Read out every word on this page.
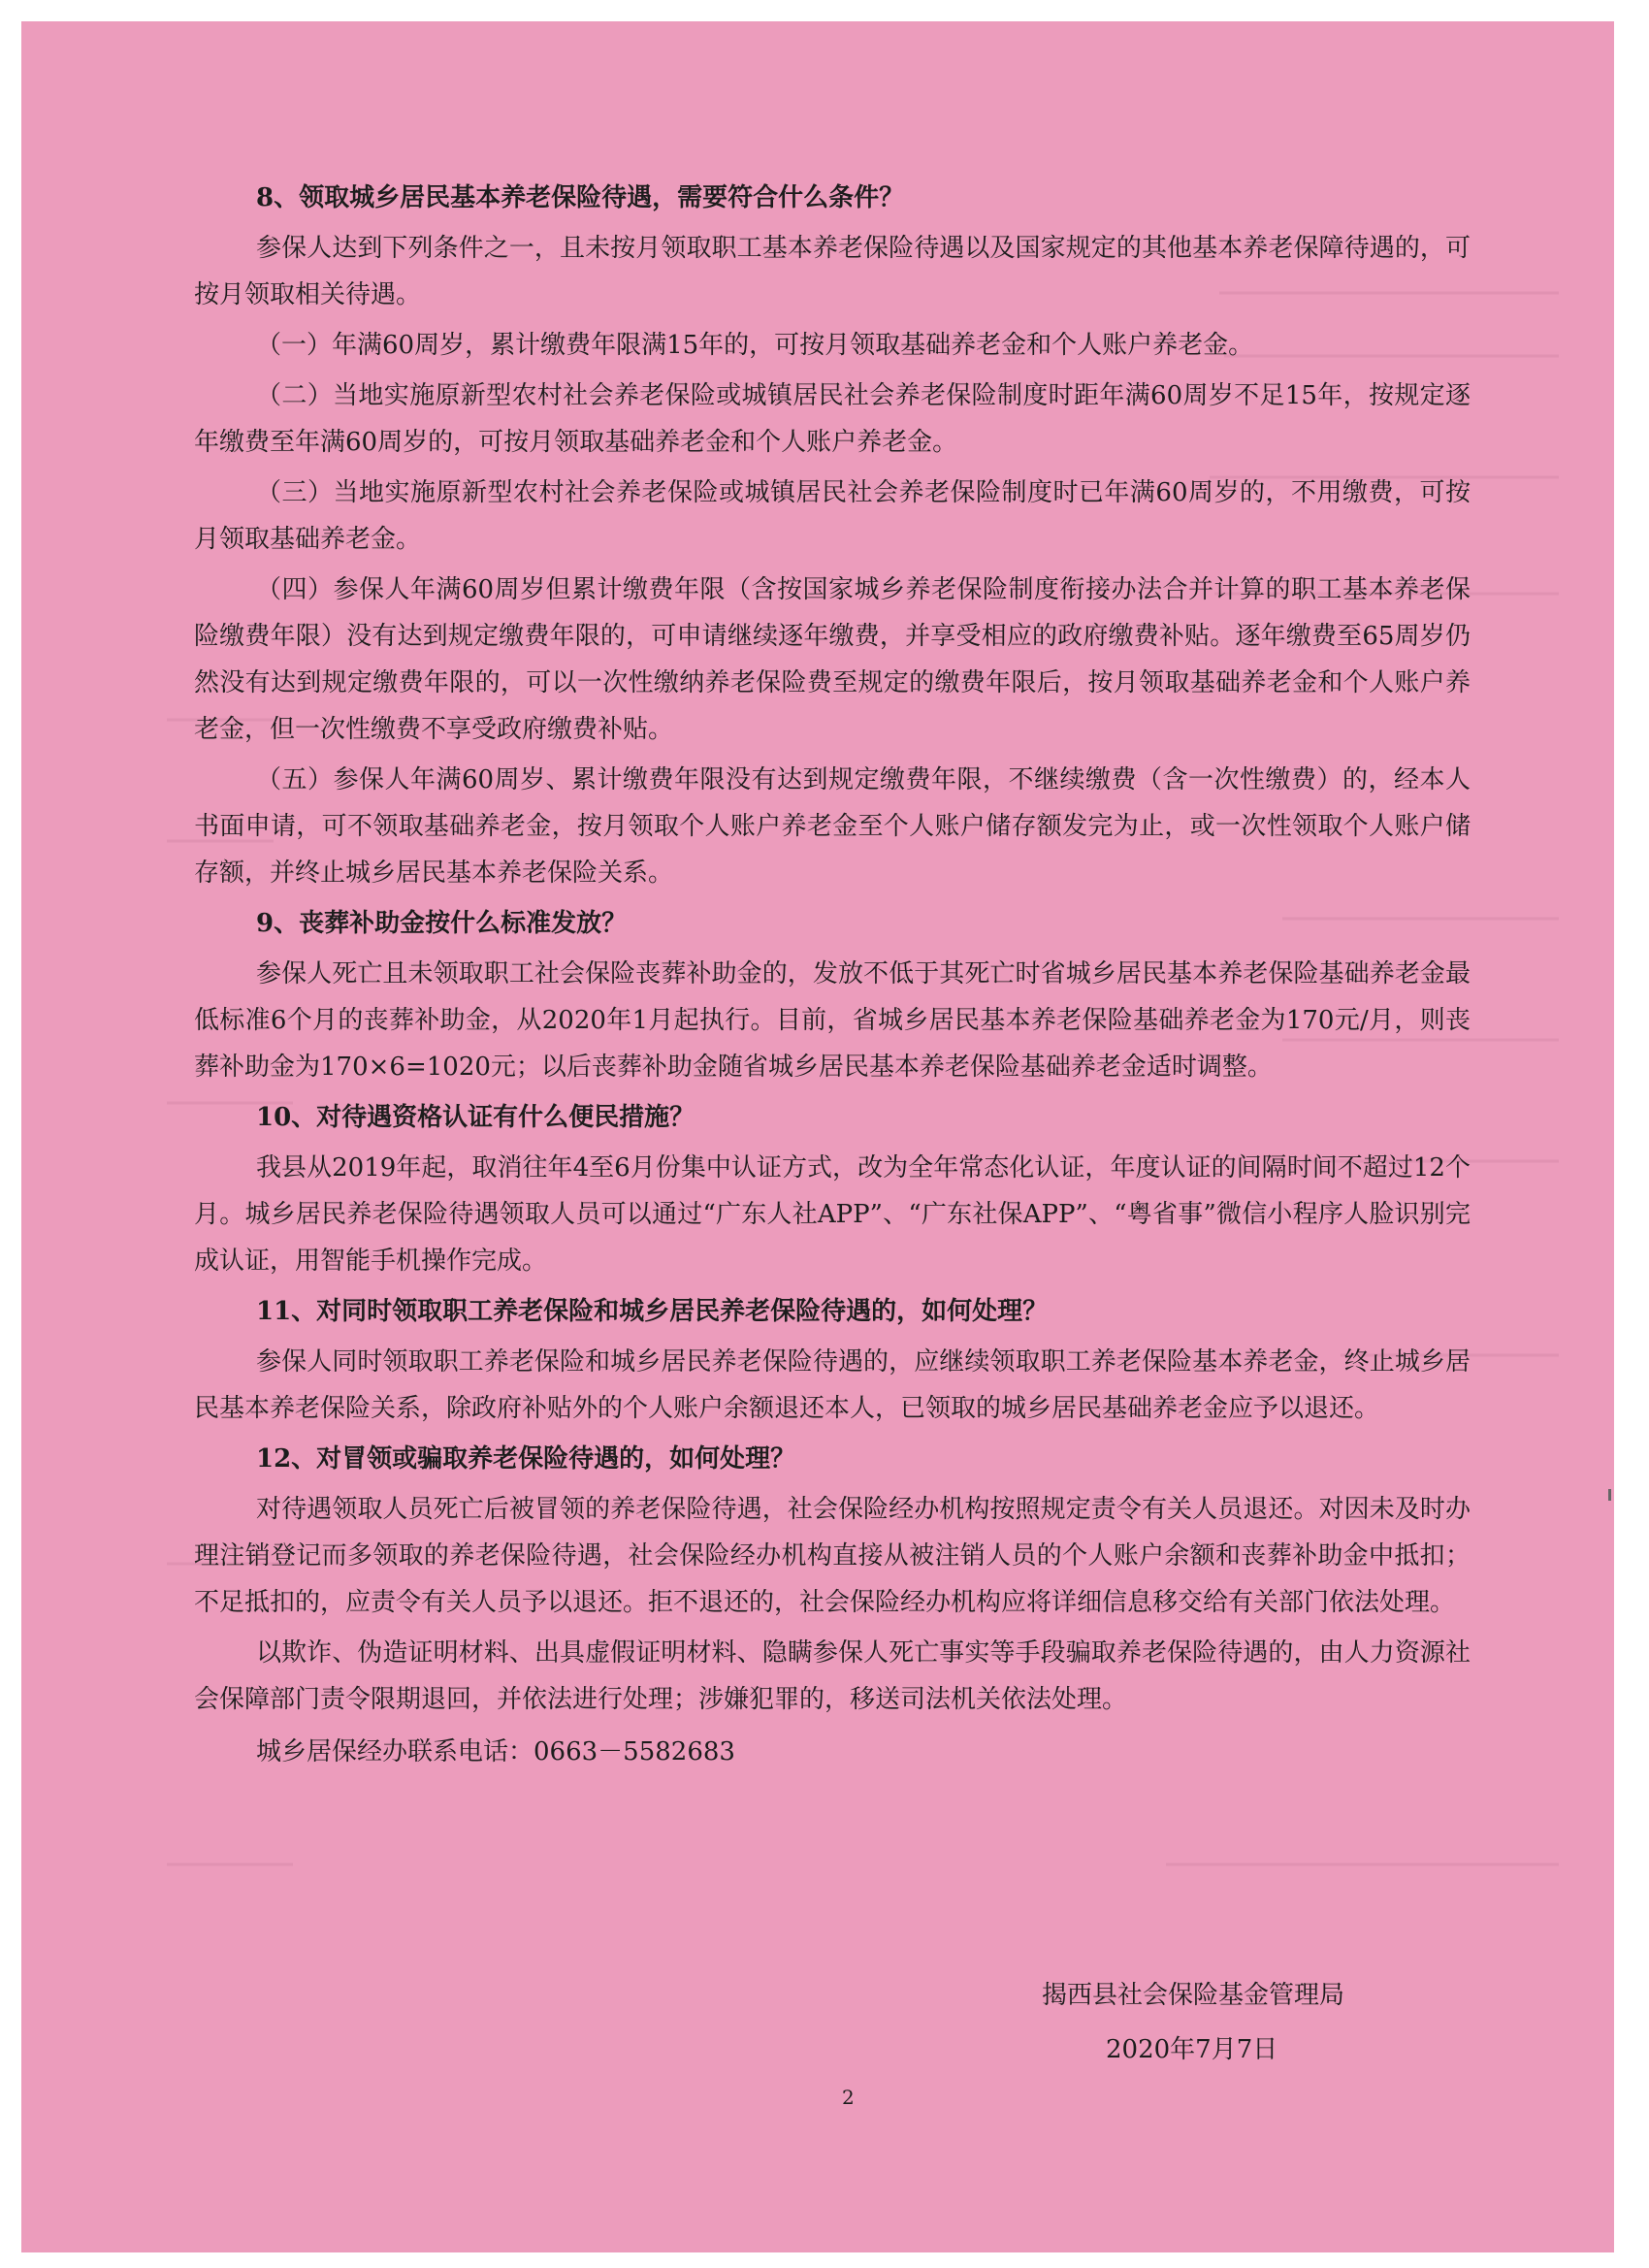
8、领取城乡居民基本养老保险待遇，需要符合什么条件？
参保人达到下列条件之一，且未按月领取职工基本养老保险待遇以及国家规定的其他基本养老保障待遇的，可按月领取相关待遇。
（一）年满60周岁，累计缴费年限满15年的，可按月领取基础养老金和个人账户养老金。
（二）当地实施原新型农村社会养老保险或城镇居民社会养老保险制度时距年满60周岁不足15年，按规定逐年缴费至年满60周岁的，可按月领取基础养老金和个人账户养老金。
（三）当地实施原新型农村社会养老保险或城镇居民社会养老保险制度时已年满60周岁的，不用缴费，可按月领取基础养老金。
（四）参保人年满60周岁但累计缴费年限（含按国家城乡养老保险制度衔接办法合并计算的职工基本养老保险缴费年限）没有达到规定缴费年限的，可申请继续逐年缴费，并享受相应的政府缴费补贴。逐年缴费至65周岁仍然没有达到规定缴费年限的，可以一次性缴纳养老保险费至规定的缴费年限后，按月领取基础养老金和个人账户养老金，但一次性缴费不享受政府缴费补贴。
（五）参保人年满60周岁、累计缴费年限没有达到规定缴费年限，不继续缴费（含一次性缴费）的，经本人书面申请，可不领取基础养老金，按月领取个人账户养老金至个人账户储存额发完为止，或一次性领取个人账户储存额，并终止城乡居民基本养老保险关系。
9、丧葬补助金按什么标准发放？
参保人死亡且未领取职工社会保险丧葬补助金的，发放不低于其死亡时省城乡居民基本养老保险基础养老金最低标准6个月的丧葬补助金，从2020年1月起执行。目前，省城乡居民基本养老保险基础养老金为170元/月，则丧葬补助金为170×6=1020元；以后丧葬补助金随省城乡居民基本养老保险基础养老金适时调整。
10、对待遇资格认证有什么便民措施？
我县从2019年起，取消往年4至6月份集中认证方式，改为全年常态化认证，年度认证的间隔时间不超过12个月。城乡居民养老保险待遇领取人员可以通过“广东人社APP”、“广东社保APP”、“粤省事”微信小程序人脸识别完成认证，用智能手机操作完成。
11、对同时领取职工养老保险和城乡居民养老保险待遇的，如何处理？
参保人同时领取职工养老保险和城乡居民养老保险待遇的，应继续领取职工养老保险基本养老金，终止城乡居民基本养老保险关系，除政府补贴外的个人账户余额退还本人，已领取的城乡居民基础养老金应予以退还。
12、对冒领或骗取养老保险待遇的，如何处理？
对待遇领取人员死亡后被冒领的养老保险待遇，社会保险经办机构按照规定责令有关人员退还。对因未及时办理注销登记而多领取的养老保险待遇，社会保险经办机构直接从被注销人员的个人账户余额和丧葬补助金中抵扣；不足抵扣的，应责令有关人员予以退还。拒不退还的，社会保险经办机构应将详细信息移交给有关部门依法处理。
以欺诈、伪造证明材料、出具虚假证明材料、隐瞒参保人死亡事实等手段骗取养老保险待遇的，由人力资源社会保障部门责令限期退回，并依法进行处理；涉嫌犯罪的，移送司法机关依法处理。
城乡居保经办联系电话：0663－5582683
揭西县社会保险基金管理局
2020年7月7日
2
